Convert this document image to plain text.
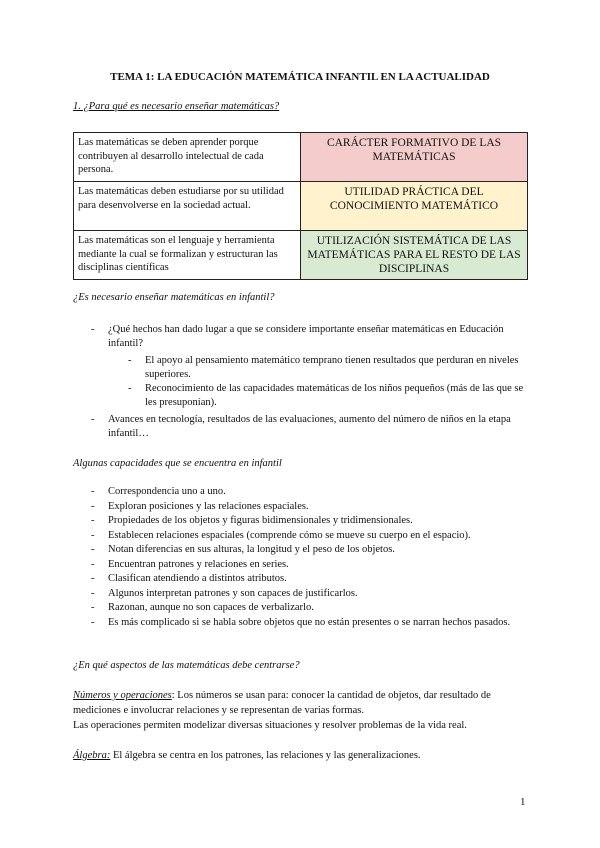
TEMA 1: LA EDUCACIÓN MATEMÁTICA INFANTIL EN LA ACTUALIDAD
1. ¿Para qué es necesario enseñar matemáticas?
Las matemáticas se deben aprender porque contribuyen al desarrollo intelectual de cada persona.	CARÁCTER FORMATIVO DE LAS MATEMÁTICAS
Las matemáticas deben estudiarse por su utilidad para desenvolverse en la sociedad actual.	UTILIDAD PRÁCTICA DEL CONOCIMIENTO MATEMÁTICO
Las matemáticas son el lenguaje y herramienta mediante la cual se formalizan y estructuran las disciplinas científicas	UTILIZACIÓN SISTEMÁTICA DE LAS MATEMÁTICAS PARA EL RESTO DE LAS DISCIPLINAS
¿Es necesario enseñar matemáticas en infantil?
- ¿Qué hechos han dado lugar a que se considere importante enseñar matemáticas en Educación infantil?
- El apoyo al pensamiento matemático temprano tienen resultados que perduran en niveles superiores.
- Reconocimiento de las capacidades matemáticas de los niños pequeños (más de las que se les presuponían).
- Avances en tecnología, resultados de las evaluaciones, aumento del número de niños en la etapa infantil…
Algunas capacidades que se encuentra en infantil
- Correspondencia uno a uno.
- Exploran posiciones y las relaciones espaciales.
- Propiedades de los objetos y figuras bidimensionales y tridimensionales.
- Establecen relaciones espaciales (comprende cómo se mueve su cuerpo en el espacio).
- Notan diferencias en sus alturas, la longitud y el peso de los objetos.
- Encuentran patrones y relaciones en series.
- Clasifican atendiendo a distintos atributos.
- Algunos interpretan patrones y son capaces de justificarlos.
- Razonan, aunque no son capaces de verbalizarlo.
- Es más complicado si se habla sobre objetos que no están presentes o se narran hechos pasados.
¿En qué aspectos de las matemáticas debe centrarse?

Números y operaciones: Los números se usan para: conocer la cantidad de objetos, dar resultado de mediciones e involucrar relaciones y se representan de varias formas.

Las operaciones permiten modelizar diversas situaciones y resolver problemas de la vida real.

Álgebra: El álgebra se centra en los patrones, las relaciones y las generalizaciones.

1
